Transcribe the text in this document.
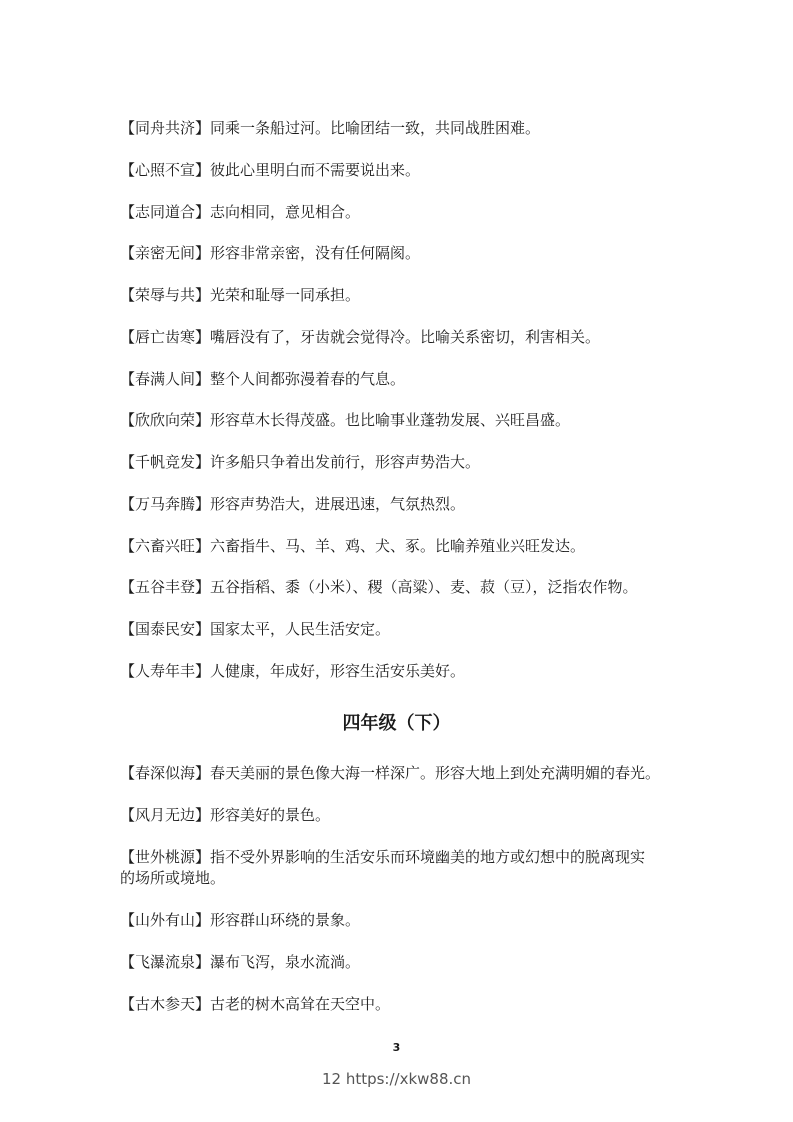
【同舟共济】同乘一条船过河。比喻团结一致，共同战胜困难。
【心照不宣】彼此心里明白而不需要说出来。
【志同道合】志向相同，意见相合。
【亲密无间】形容非常亲密，没有任何隔阂。
【荣辱与共】光荣和耻辱一同承担。
【唇亡齿寒】嘴唇没有了，牙齿就会觉得冷。比喻关系密切，利害相关。
【春满人间】整个人间都弥漫着春的气息。
【欣欣向荣】形容草木长得茂盛。也比喻事业蓬勃发展、兴旺昌盛。
【千帆竞发】许多船只争着出发前行，形容声势浩大。
【万马奔腾】形容声势浩大，进展迅速，气氛热烈。
【六畜兴旺】六畜指牛、马、羊、鸡、犬、豖。比喻养殖业兴旺发达。
【五谷丰登】五谷指稻、黍（小米）、稷（高粱）、麦、菽（豆），泛指农作物。
【国泰民安】国家太平，人民生活安定。
【人寿年丰】人健康，年成好，形容生活安乐美好。
四年级（下）
【春深似海】春天美丽的景色像大海一样深广。形容大地上到处充满明媚的春光。
【风月无边】形容美好的景色。
【世外桃源】指不受外界影响的生活安乐而环境幽美的地方或幻想中的脱离现实的场所或境地。
【山外有山】形容群山环绕的景象。
【飞瀑流泉】瀑布飞泻，泉水流淌。
【古木参天】古老的树木高耸在天空中。
3
12 https://xkw88.cn
